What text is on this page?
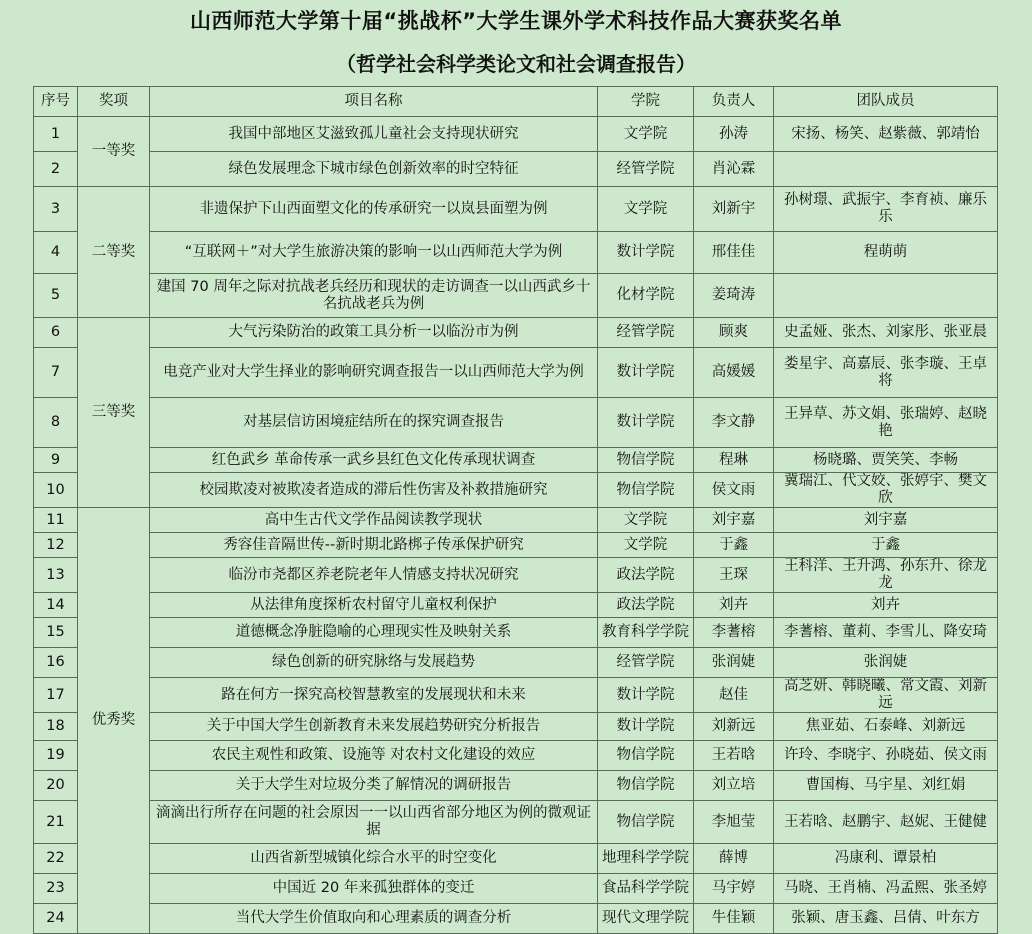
山西师范大学第十届“挑战杯”大学生课外学术科技作品大赛获奖名单
（哲学社会科学类论文和社会调查报告）
序号	奖项	项目名称	学院	负责人	团队成员
1	一等奖	我国中部地区艾滋致孤儿童社会支持现状研究	文学院	孙涛	宋扬、杨笑、赵紫薇、郭靖怡
2		绿色发展理念下城市绿色创新效率的时空特征	经管学院	肖沁霖	
3	二等奖	非遗保护下山西面塑文化的传承研究一以岚县面塑为例	文学院	刘新宇	孙树璟、武振宇、李育祯、廉乐乐
4		“互联网＋”对大学生旅游决策的影响一以山西师范大学为例	数计学院	邢佳佳	程萌萌
5		建国 70 周年之际对抗战老兵经历和现状的走访调查一以山西武乡十名抗战老兵为例	化材学院	姜琦涛	
6	三等奖	大气污染防治的政策工具分析一以临汾市为例	经管学院	顾爽	史孟娅、张杰、刘家彤、张亚晨
7		电竞产业对大学生择业的影响研究调查报告一以山西师范大学为例	数计学院	高媛媛	娄星宇、高嘉辰、张李璇、王卓将
8		对基层信访困境症结所在的探究调查报告	数计学院	李文静	王异草、苏文娟、张瑞婷、赵晓艳
9		红色武乡 革命传承一武乡县红色文化传承现状调查	物信学院	程琳	杨晓璐、贾笑笑、李畅
10		校园欺凌对被欺凌者造成的滞后性伤害及补救措施研究	物信学院	侯文雨	冀瑞江、代文姣、张婷宇、樊文欣
11	优秀奖	高中生古代文学作品阅读教学现状	文学院	刘宇嘉	刘宇嘉
12		秀容佳音隔世传--新时期北路梆子传承保护研究	文学院	于鑫	于鑫
13		临汾市尧都区养老院老年人情感支持状况研究	政法学院	王琛	王科洋、王升鸿、孙东升、徐龙龙
14		从法律角度探析农村留守儿童权利保护	政法学院	刘卉	刘卉
15		道德概念净脏隐喻的心理现实性及映射关系	教育科学学院	李蓍榕	李蓍榕、董莉、李雪儿、降安琦
16		绿色创新的研究脉络与发展趋势	经管学院	张润婕	张润婕
17		路在何方一探究高校智慧教室的发展现状和未来	数计学院	赵佳	高芝妍、韩晓曦、常文霞、刘新远
18		关于中国大学生创新教育未来发展趋势研究分析报告	数计学院	刘新远	焦亚茹、石泰峰、刘新远
19		农民主观性和政策、设施等 对农村文化建设的效应	物信学院	王若晗	许玲、李晓宇、孙晓茹、侯文雨
20		关于大学生对垃圾分类了解情况的调研报告	物信学院	刘立培	曹国梅、马宇星、刘红娟
21		滴滴出行所存在问题的社会原因一一以山西省部分地区为例的微观证据	物信学院	李旭莹	王若晗、赵鹏宇、赵妮、王健健
22		山西省新型城镇化综合水平的时空变化	地理科学学院	薛博	冯康利、谭景柏
23		中国近 20 年来孤独群体的变迁	食品科学学院	马宇婷	马晓、王肖楠、冯孟熙、张圣婷
24		当代大学生价值取向和心理素质的调查分析	现代文理学院	牛佳颖	张颖、唐玉鑫、吕倩、叶东方
